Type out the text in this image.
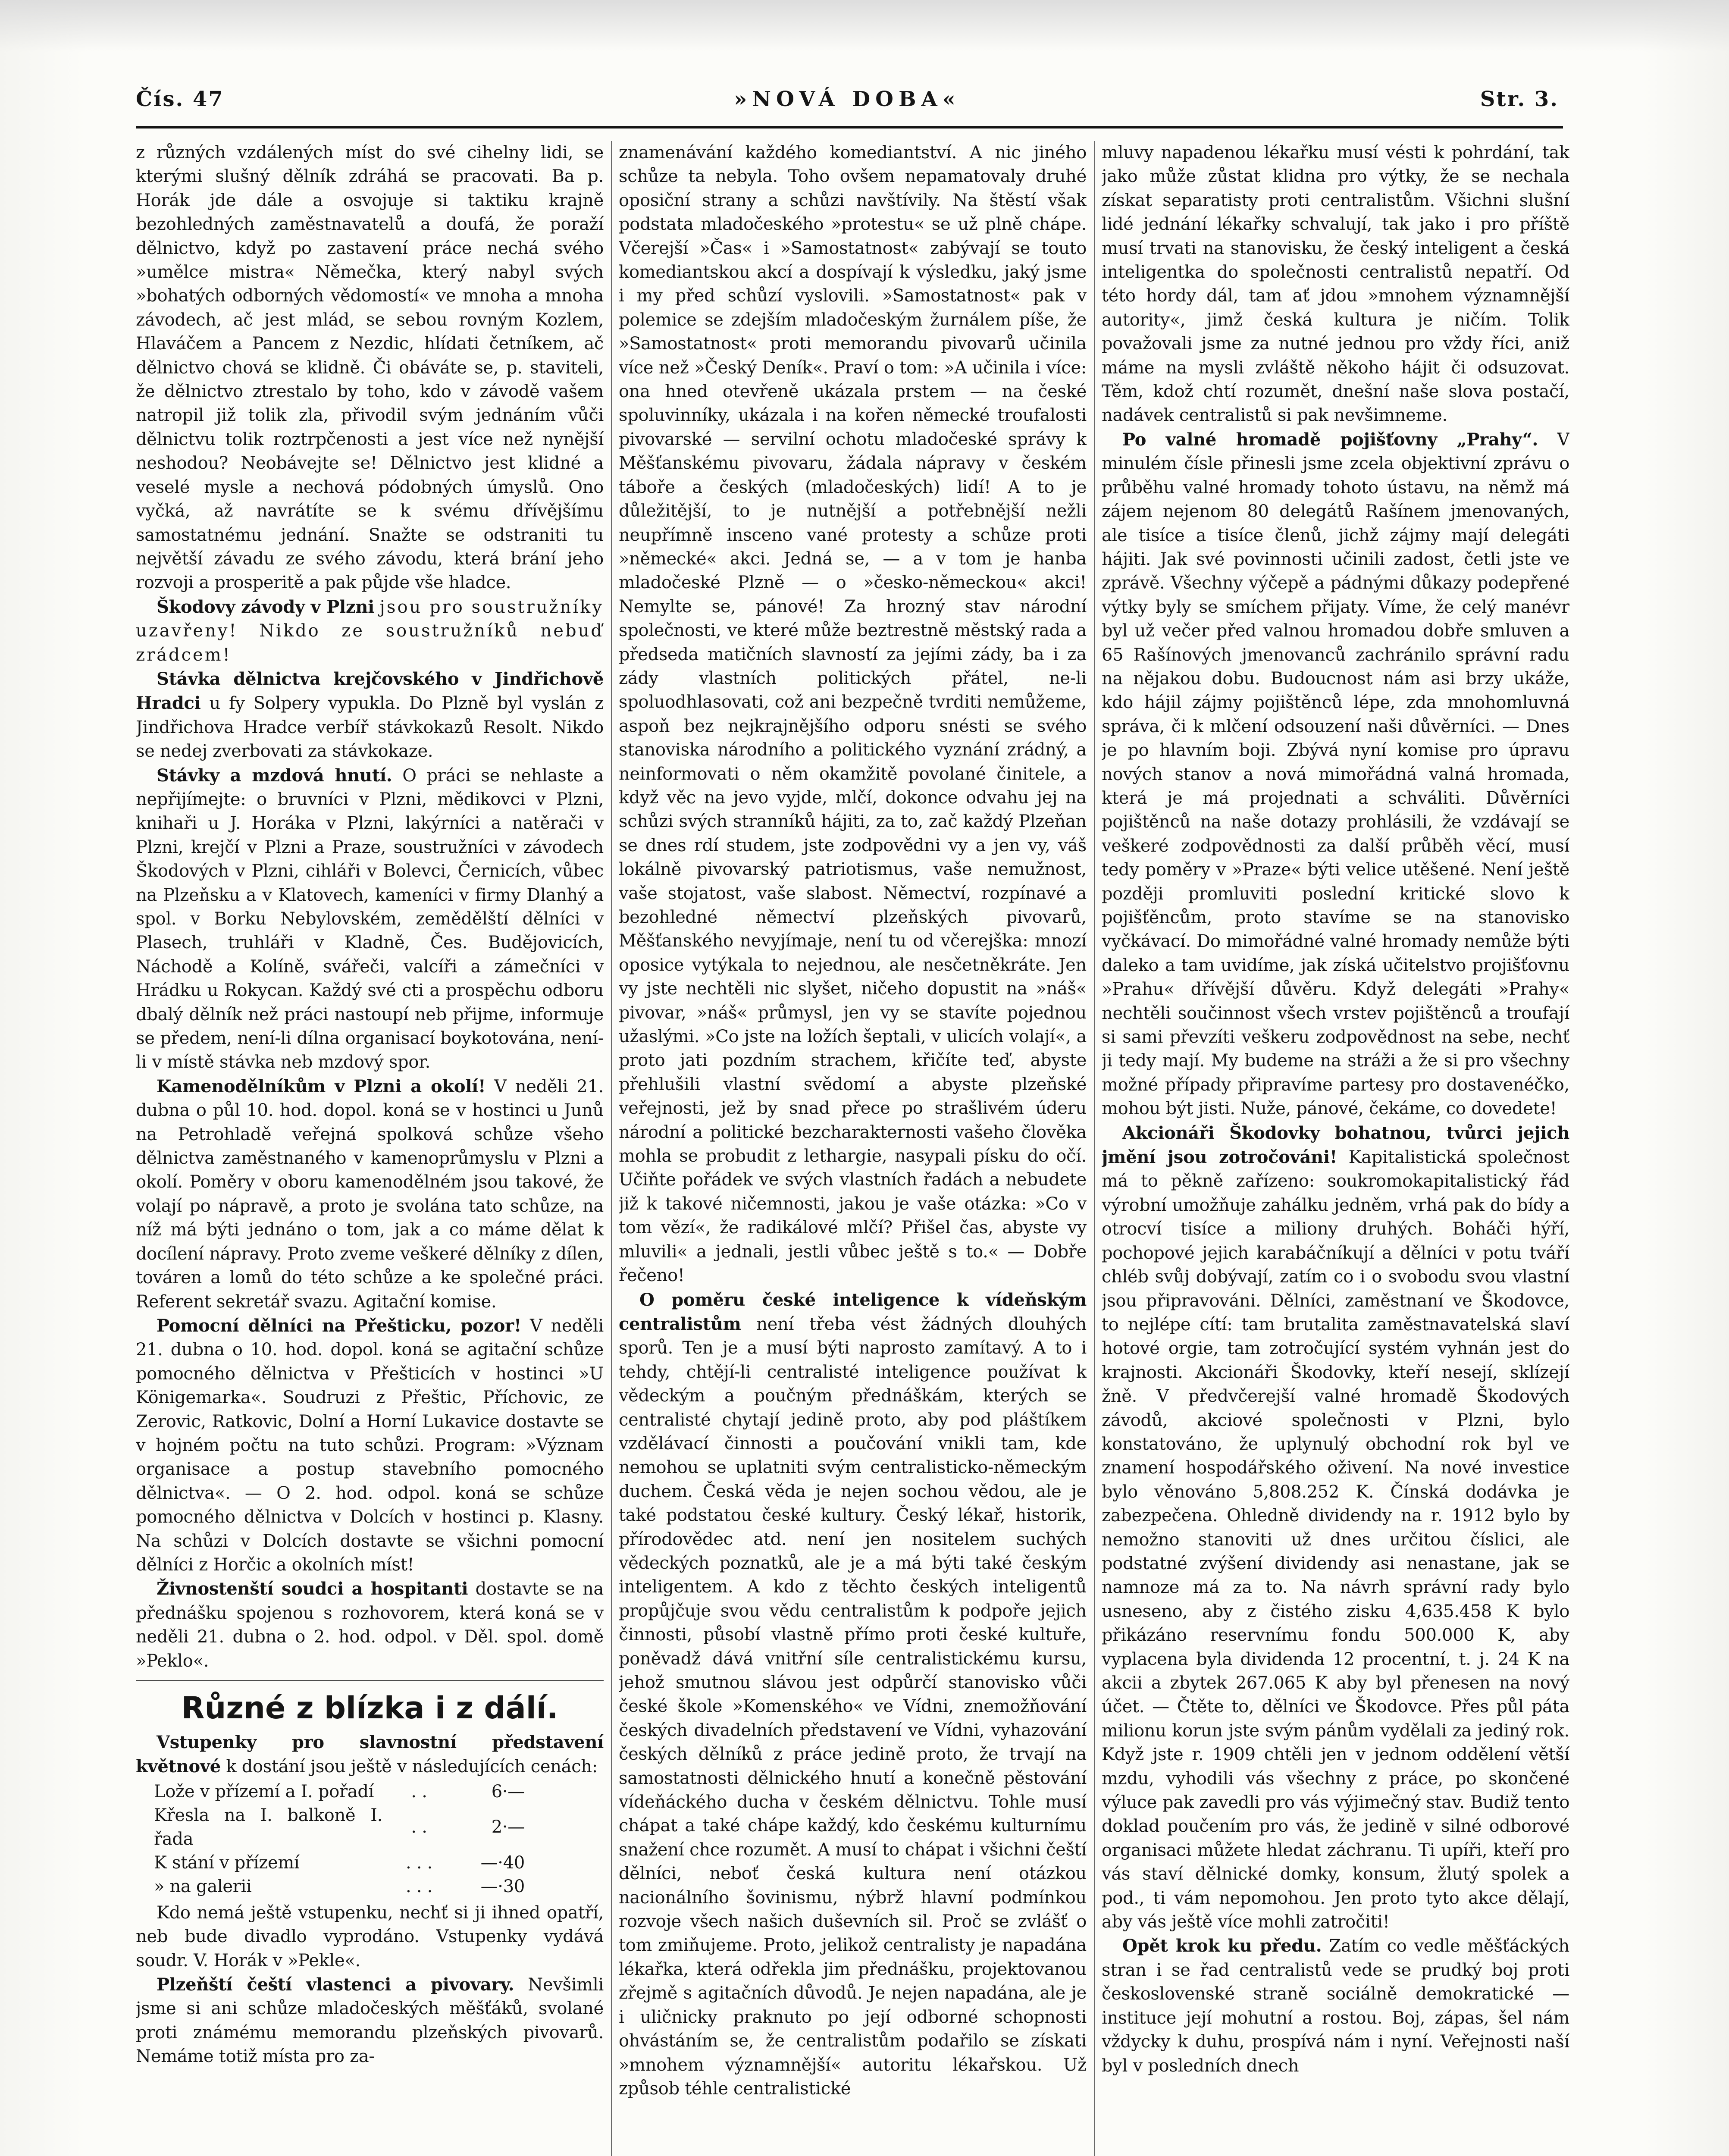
Čís. 47	»NOVÁ DOBA«	Str. 3.

z různých vzdálených míst do své cihelny lidi, se kterými slušný dělník zdráhá se pracovati. Ba p. Horák jde dále a osvojuje si taktiku krajně bezohledných zaměstnavatelů a doufá, že poraží dělnictvo, když po zastavení práce nechá svého »umělce mistra« Němečka, který nabyl svých »bohatých odborných vědomostí« ve mnoha a mnoha závodech, ač jest mlád, se sebou rovným Kozlem, Hlaváčem a Pancem z Nezdic, hlídati četníkem, ač dělnictvo chová se klidně. Či obáváte se, p. staviteli, že dělnictvo ztrestalo by toho, kdo v závodě vašem natropil již tolik zla, přivodil svým jednáním vůči dělnictvu tolik roztrpčenosti a jest více než nynější neshodou? Neobávejte se! Dělnictvo jest klidné a veselé mysle a nechová pódobných úmyslů. Ono vyčká, až navrátíte se k svému dřívějšímu samostatnému jednání. Snažte se odstraniti tu největší závadu ze svého závodu, která brání jeho rozvoji a prosperitě a pak půjde vše hladce.

Škodovy závody v Plzni jsou pro soustružníky uzavřeny! Nikdo ze soustružníků nebuď zrádcem!

Stávka dělnictva krejčovského v Jindřichově Hradci u fy Solpery vypukla. Do Plzně byl vyslán z Jindřichova Hradce verbíř stávkokazů Resolt. Nikdo se nedej zverbovati za stávkokaze.

Stávky a mzdová hnutí. O práci se nehlaste a nepřijímejte: o bruvníci v Plzni, mědikovci v Plzni, knihaři u J. Horáka v Plzni, lakýrníci a natěrači v Plzni, krejčí v Plzni a Praze, soustružníci v závodech Škodových v Plzni, cihláři v Bolevci, Černicích, vůbec na Plzeňsku a v Klatovech, kameníci v firmy Dlanhý a spol. v Borku Nebylovském, zemědělští dělníci v Plasech, truhláři v Kladně, Čes. Budějovicích, Náchodě a Kolíně, svářeči, valcíři a zámečníci v Hrádku u Rokycan. Každý své cti a prospěchu odboru dbalý dělník než práci nastoupí neb přijme, informuje se předem, není-li dílna organisací boykotována, není-li v místě stávka neb mzdový spor.

Kamenodělníkům v Plzni a okolí! V neděli 21. dubna o půl 10. hod. dopol. koná se v hostinci u Junů na Petrohladě veřejná spolková schůze všeho dělnictva zaměstnaného v kamenoprůmyslu v Plzni a okolí. Poměry v oboru kamenodělném jsou takové, že volají po nápravě, a proto je svolána tato schůze, na níž má býti jednáno o tom, jak a co máme dělat k docílení nápravy. Proto zveme veškeré dělníky z dílen, továren a lomů do této schůze a ke společné práci. Referent sekretář svazu. Agitační komise.

Pomocní dělníci na Přešticku, pozor! V neděli 21. dubna o 10. hod. dopol. koná se agitační schůze pomocného dělnictva v Přešticích v hostinci »U Königemarka«. Soudruzi z Přeštic, Příchovic, ze Zerovic, Ratkovic, Dolní a Horní Lukavice dostavte se v hojném počtu na tuto schůzi. Program: »Význam organisace a postup stavebního pomocného dělnictva«. — O 2. hod. odpol. koná se schůze pomocného dělnictva v Dolcích v hostinci p. Klasny. Na schůzi v Dolcích dostavte se všichni pomocní dělníci z Horčic a okolních míst!

Živnostenští soudci a hospitanti dostavte se na přednášku spojenou s rozhovorem, která koná se v neděli 21. dubna o 2. hod. odpol. v Děl. spol. domě »Peklo«.

Různé z blízka i z dálí.

Vstupenky pro slavnostní představení květnové k dostání jsou ještě v následujících cenách:

Lože v přízemí a I. pořadí	. .	6·—
Křesla na I. balkoně I. řada	. .	2·—
K stání v přízemí	. . .	—·40
» na galerii	. . .	—·30

Kdo nemá ještě vstupenku, nechť si ji ihned opatří, neb bude divadlo vyprodáno. Vstupenky vydává soudr. V. Horák v »Pekle«.

Plzeňští čeští vlastenci a pivovary. Nevšimli jsme si ani schůze mladočeských měšťáků, svolané proti známému memorandu plzeňských pivovarů. Nemáme totiž místa pro za-

znamenávání každého komediantství. A nic jiného schůze ta nebyla. Toho ovšem nepamatovaly druhé oposiční strany a schůzi navštívily. Na štěstí však podstata mladočeského »protestu« se už plně chápe. Včerejší »Čas« i »Samostatnost« zabývají se touto komediantskou akcí a dospívají k výsledku, jaký jsme i my před schůzí vyslovili. »Samostatnost« pak v polemice se zdejším mladočeským žurnálem píše, že »Samostatnost« proti memorandu pivovarů učinila více než »Český Deník«. Praví o tom: »A učinila i více: ona hned otevřeně ukázala prstem — na české spoluvinníky, ukázala i na kořen německé troufalosti pivovarské — servilní ochotu mladočeské správy k Měšťanskému pivovaru, žádala nápravy v českém táboře a českých (mladočeských) lidí! A to je důležitější, to je nutnější a potřebnější nežli neupřímně insceno vané protesty a schůze proti »německé« akci. Jedná se, — a v tom je hanba mladočeské Plzně — o »česko-německou« akci! Nemylte se, pánové! Za hrozný stav národní společnosti, ve které může beztrestně městský rada a předseda matičních slavností za jejími zády, ba i za zády vlastních politických přátel, ne-li spoluodhlasovati, což ani bezpečně tvrditi nemůžeme, aspoň bez nejkrajnějšího odporu snésti se svého stanoviska národního a politického vyznání zrádný, a neinformovati o něm okamžitě povolané činitele, a když věc na jevo vyjde, mlčí, dokonce odvahu jej na schůzi svých stranníků hájiti, za to, zač každý Plzeňan se dnes rdí studem, jste zodpovědni vy a jen vy, váš lokálně pivovarský patriotismus, vaše nemužnost, vaše stojatost, vaše slabost. Němectví, rozpínavé a bezohledné němectví plzeňských pivovarů, Měšťanského nevyjímaje, není tu od včerejška: mnozí oposice vytýkala to nejednou, ale nesčetněkráte. Jen vy jste nechtěli nic slyšet, ničeho dopustit na »náš« pivovar, »náš« průmysl, jen vy se stavíte pojednou užaslými. »Co jste na ložích šeptali, v ulicích volají«, a proto jati pozdním strachem, křičíte teď, abyste přehlušili vlastní svědomí a abyste plzeňské veřejnosti, jež by snad přece po strašlivém úderu národní a politické bezcharakternosti vašeho člověka mohla se probudit z lethargie, nasypali písku do očí. Učiňte pořádek ve svých vlastních řadách a nebudete již k takové ničemnosti, jakou je vaše otázka: »Co v tom vězí«, že radikálové mlčí? Přišel čas, abyste vy mluvili« a jednali, jestli vůbec ještě s to.« — Dobře řečeno!

O poměru české inteligence k vídeňským centralistům není třeba vést žádných dlouhých sporů. Ten je a musí býti naprosto zamítavý. A to i tehdy, chtějí-li centralisté inteligence používat k vědeckým a poučným přednáškám, kterých se centralisté chytají jedině proto, aby pod pláštíkem vzdělávací činnosti a poučování vnikli tam, kde nemohou se uplatniti svým centralisticko-německým duchem. Česká věda je nejen sochou vědou, ale je také podstatou české kultury. Český lékař, historik, přírodovědec atd. není jen nositelem suchých vědeckých poznatků, ale je a má býti také českým inteligentem. A kdo z těchto českých inteligentů propůjčuje svou vědu centralistům k podpoře jejich činnosti, působí vlastně přímo proti české kultuře, poněvadž dává vnitřní síle centralistickému kursu, jehož smutnou slávou jest odpůrčí stanovisko vůči české škole »Komenského« ve Vídni, znemožňování českých divadelních představení ve Vídni, vyhazování českých dělníků z práce jedině proto, že trvají na samostatnosti dělnického hnutí a konečně pěstování vídeňáckého ducha v českém dělnictvu. Tohle musí chápat a také chápe každý, kdo českému kulturnímu snažení chce rozumět. A musí to chápat i všichni čeští dělníci, neboť česká kultura není otázkou nacionálního šovinismu, nýbrž hlavní podmínkou rozvoje všech našich duševních sil. Proč se zvlášť o tom zmiňujeme. Proto, jelikož centralisty je napadána lékařka, která odřekla jim přednášku, projektovanou zřejmě s agitačních důvodů. Je nejen napadána, ale je i uličnicky praknuto po její odborné schopnosti ohvástáním se, že centralistům podařilo se získati »mnohem významnější« autoritu lékařskou. Už způsob téhle centralistické

mluvy napadenou lékařku musí vésti k pohrdání, tak jako může zůstat klidna pro výtky, že se nechala získat separatisty proti centralistům. Všichni slušní lidé jednání lékařky schvalují, tak jako i pro příště musí trvati na stanovisku, že český inteligent a česká inteligentka do společnosti centralistů nepatří. Od této hordy dál, tam ať jdou »mnohem významnější autority«, jimž česká kultura je ničím. Tolik považovali jsme za nutné jednou pro vždy říci, aniž máme na mysli zvláště někoho hájit či odsuzovat. Těm, kdož chtí rozumět, dnešní naše slova postačí, nadávek centralistů si pak nevšimneme.

Po valné hromadě pojišťovny „Prahy“. V minulém čísle přinesli jsme zcela objektivní zprávu o průběhu valné hromady tohoto ústavu, na němž má zájem nejenom 80 delegátů Rašínem jmenovaných, ale tisíce a tisíce členů, jichž zájmy mají delegáti hájiti. Jak své povinnosti učinili zadost, četli jste ve zprávě. Všechny výčepě a pádnými důkazy podepřené výtky byly se smíchem přijaty. Víme, že celý manévr byl už večer před valnou hromadou dobře smluven a 65 Rašínových jmenovanců zachránilo správní radu na nějakou dobu. Budoucnost nám asi brzy ukáže, kdo hájil zájmy pojištěnců lépe, zda mnohomluvná správa, či k mlčení odsouzení naši důvěrníci. — Dnes je po hlavním boji. Zbývá nyní komise pro úpravu nových stanov a nová mimořádná valná hromada, která je má projednati a schváliti. Důvěrníci pojištěnců na naše dotazy prohlásili, že vzdávají se veškeré zodpovědnosti za další průběh věcí, musí tedy poměry v »Praze« býti velice utěšené. Není ještě později promluviti poslední kritické slovo k pojišťěncům, proto stavíme se na stanovisko vyčkávací. Do mimořádné valné hromady nemůže býti daleko a tam uvidíme, jak získá učitelstvo projišťovnu »Prahu« dřívější důvěru. Když delegáti »Prahy« nechtěli součinnost všech vrstev pojištěnců a troufají si sami převzíti veškeru zodpovědnost na sebe, nechť ji tedy mají. My budeme na stráži a že si pro všechny možné případy připravíme partesy pro dostavenéčko, mohou být jisti. Nuže, pánové, čekáme, co dovedete!

Akcionáři Škodovky bohatnou, tvůrci jejich jmění jsou zotročováni! Kapitalistická společnost má to pěkně zařízeno: soukromokapitalistický řád výrobní umožňuje zahálku jedněm, vrhá pak do bídy a otrocví tisíce a miliony druhých. Boháči hýří, pochopové jejich karabáčníkují a dělníci v potu tváří chléb svůj dobývají, zatím co i o svobodu svou vlastní jsou připravováni. Dělníci, zaměstnaní ve Škodovce, to nejlépe cítí: tam brutalita zaměstnavatelská slaví hotové orgie, tam zotročující systém vyhnán jest do krajnosti. Akcionáři Škodovky, kteří nesejí, sklízejí žně. V předvčerejší valné hromadě Škodových závodů, akciové společnosti v Plzni, bylo konstatováno, že uplynulý obchodní rok byl ve znamení hospodářského oživení. Na nové investice bylo věnováno 5,808.252 K. Čínská dodávka je zabezpečena. Ohledně dividendy na r. 1912 bylo by nemožno stanoviti už dnes určitou číslici, ale podstatné zvýšení dividendy asi nenastane, jak se namnoze má za to. Na návrh správní rady bylo usneseno, aby z čistého zisku 4,635.458 K bylo přikázáno reservnímu fondu 500.000 K, aby vyplacena byla dividenda 12 procentní, t. j. 24 K na akcii a zbytek 267.065 K aby byl přenesen na nový účet. — Čtěte to, dělníci ve Škodovce. Přes půl páta milionu korun jste svým pánům vydělali za jediný rok. Když jste r. 1909 chtěli jen v jednom oddělení větší mzdu, vyhodili vás všechny z práce, po skončené výluce pak zavedli pro vás výjimečný stav. Budiž tento doklad poučením pro vás, že jedině v silné odborové organisaci můžete hledat záchranu. Ti upíři, kteří pro vás staví dělnické domky, konsum, žlutý spolek a pod., ti vám nepomohou. Jen proto tyto akce dělají, aby vás ještě více mohli zatročiti!

Opět krok ku předu. Zatím co vedle měšťáckých stran i se řad centralistů vede se prudký boj proti československé straně sociálně demokratické — instituce její mohutní a rostou. Boj, zápas, šel nám vždycky k duhu, prospívá nám i nyní. Veřejnosti naší byl v posledních dnech
